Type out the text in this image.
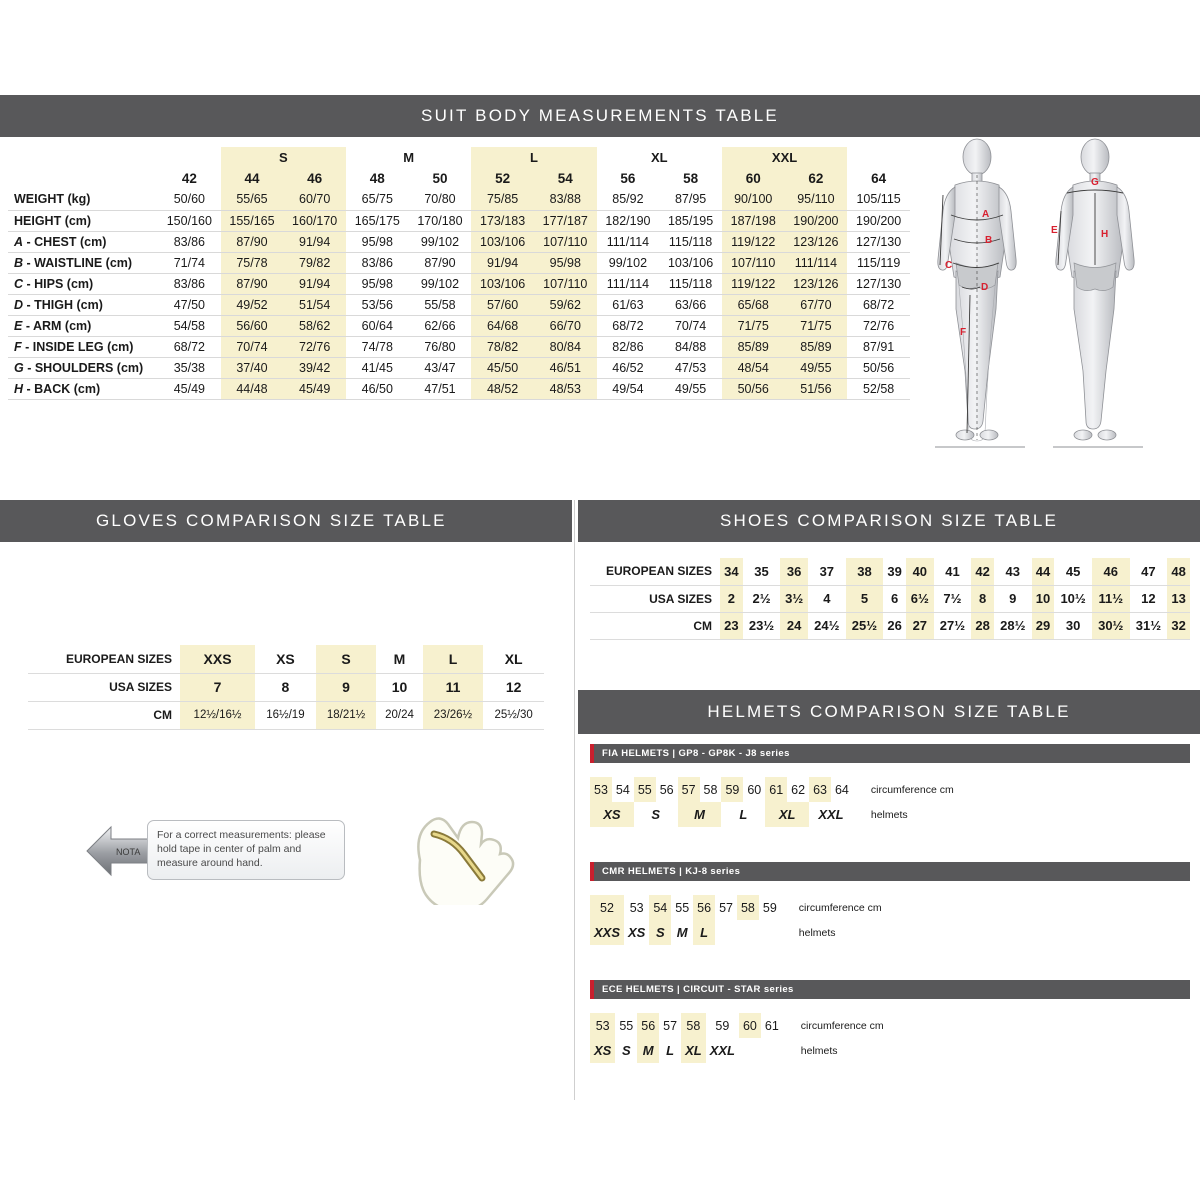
SUIT BODY MEASUREMENTS TABLE
		S		M		L		XL		XXL		
	42	44	46	48	50	52	54	56	58	60	62	64
WEIGHT (kg)	50/60	55/65	60/70	65/75	70/80	75/85	83/88	85/92	87/95	90/100	95/110	105/115
HEIGHT (cm)	150/160	155/165	160/170	165/175	170/180	173/183	177/187	182/190	185/195	187/198	190/200	190/200
A - CHEST (cm)	83/86	87/90	91/94	95/98	99/102	103/106	107/110	111/114	115/118	119/122	123/126	127/130
B - WAISTLINE (cm)	71/74	75/78	79/82	83/86	87/90	91/94	95/98	99/102	103/106	107/110	111/114	115/119
C - HIPS (cm)	83/86	87/90	91/94	95/98	99/102	103/106	107/110	111/114	115/118	119/122	123/126	127/130
D - THIGH (cm)	47/50	49/52	51/54	53/56	55/58	57/60	59/62	61/63	63/66	65/68	67/70	68/72
E - ARM (cm)	54/58	56/60	58/62	60/64	62/66	64/68	66/70	68/72	70/74	71/75	71/75	72/76
F - INSIDE LEG (cm)	68/72	70/74	72/76	74/78	76/80	78/82	80/84	82/86	84/88	85/89	85/89	87/91
G - SHOULDERS (cm)	35/38	37/40	39/42	41/45	43/47	45/50	46/51	46/52	47/53	48/54	49/55	50/56
H - BACK (cm)	45/49	44/48	45/49	46/50	47/51	48/52	48/53	49/54	49/55	50/56	51/56	52/58
A
B
C
D
F
G
H
E
GLOVES COMPARISON SIZE TABLE
EUROPEAN SIZES	XXS	XS	S	M	L	XL
USA SIZES	7	8	9	10	11	12
CM	12½/16½	16½/19	18/21½	20/24	23/26½	25½/30
NOTA
For a correct measurements: please hold tape in center of palm and measure around hand.
SHOES COMPARISON SIZE TABLE
EUROPEAN SIZES	34	35	36	37	38	39	40	41	42	43	44	45	46	47	48
USA SIZES	2	2½	3½	4	5	6	6½	7½	8	9	10	10½	11½	12	13
CM	23	23½	24	24½	25½	26	27	27½	28	28½	29	30	30½	31½	32
HELMETS COMPARISON SIZE TABLE
FIA HELMETS | GP8 - GP8K - J8 series
53	54	55	56	57	58	59	60	61	62	63	64	circumference cm
XS		S		M		L		XL		XXL		helmets
CMR HELMETS | KJ-8 series
52	53	54	55	56	57	58	59	circumference cm
XXS	XS	S	M	L				helmets
ECE HELMETS | CIRCUIT - STAR series
53	55	56	57	58	59	60	61	circumference cm
XS	S	M	L	XL	XXL			helmets
